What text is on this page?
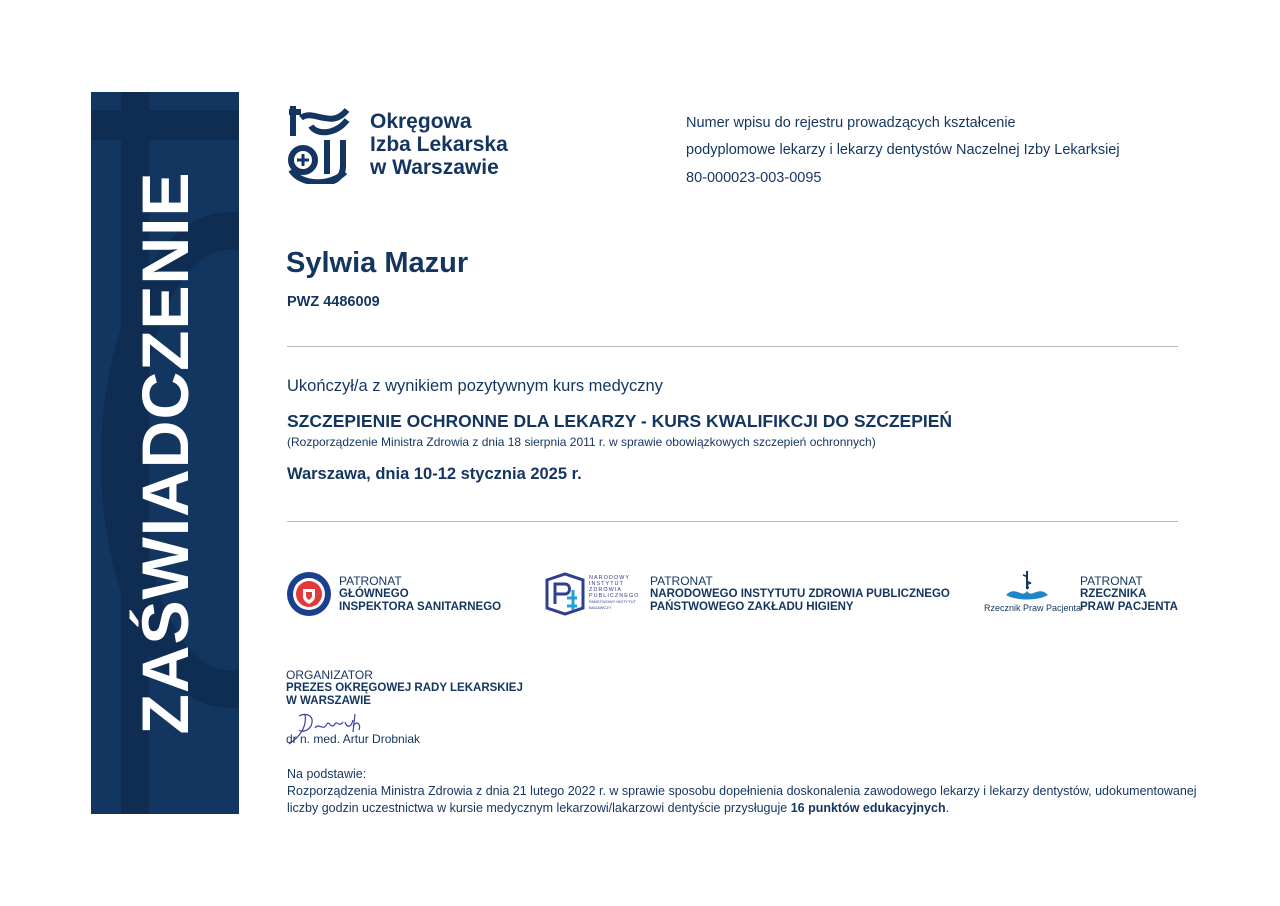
ZAŚWIADCZENIE
Okręgowa
Izba Lekarska
w Warszawie
Numer wpisu do rejestru prowadzących kształcenie
podyplomowe lekarzy i lekarzy dentystów Naczelnej Izby Lekarksiej
80-000023-003-0095
Sylwia Mazur
PWZ 4486009
Ukończył/a z wynikiem pozytywnym kurs medyczny
SZCZEPIENIE OCHRONNE DLA LEKARZY - KURS KWALIFIKCJI DO SZCZEPIEŃ
(Rozporządzenie Ministra Zdrowia z dnia 18 sierpnia 2011 r. w sprawie obowiązkowych szczepień ochronnych)
Warszawa, dnia 10-12 stycznia 2025 r.
PATRONAT
GŁÓWNEGO
INSPEKTORA SANITARNEGO
NARODOWY
INSTYTUT
ZDROWIA
PUBLICZNEGO
PAŃSTWOWY INSTYTUT
BADAWCZY
PATRONAT
NARODOWEGO INSTYTUTU ZDROWIA PUBLICZNEGO
PAŃSTWOWEGO ZAKŁADU HIGIENY	Rzecznik Praw Pacjenta
PATRONAT
RZECZNIKA
PRAW PACJENTA
ORGANIZATOR
PREZES OKRĘGOWEJ RADY LEKARSKIEJ
W WARSZAWIE
dr n. med. Artur Drobniak
Na podstawie:
Rozporządzenia Ministra Zdrowia z dnia 21 lutego 2022 r. w sprawie sposobu dopełnienia doskonalenia zawodowego lekarzy i lekarzy dentystów, udokumentowanej
liczby godzin uczestnictwa w kursie medycznym lekarzowi/lakarzowi dentyście przysługuje 16 punktów edukacyjnych.
